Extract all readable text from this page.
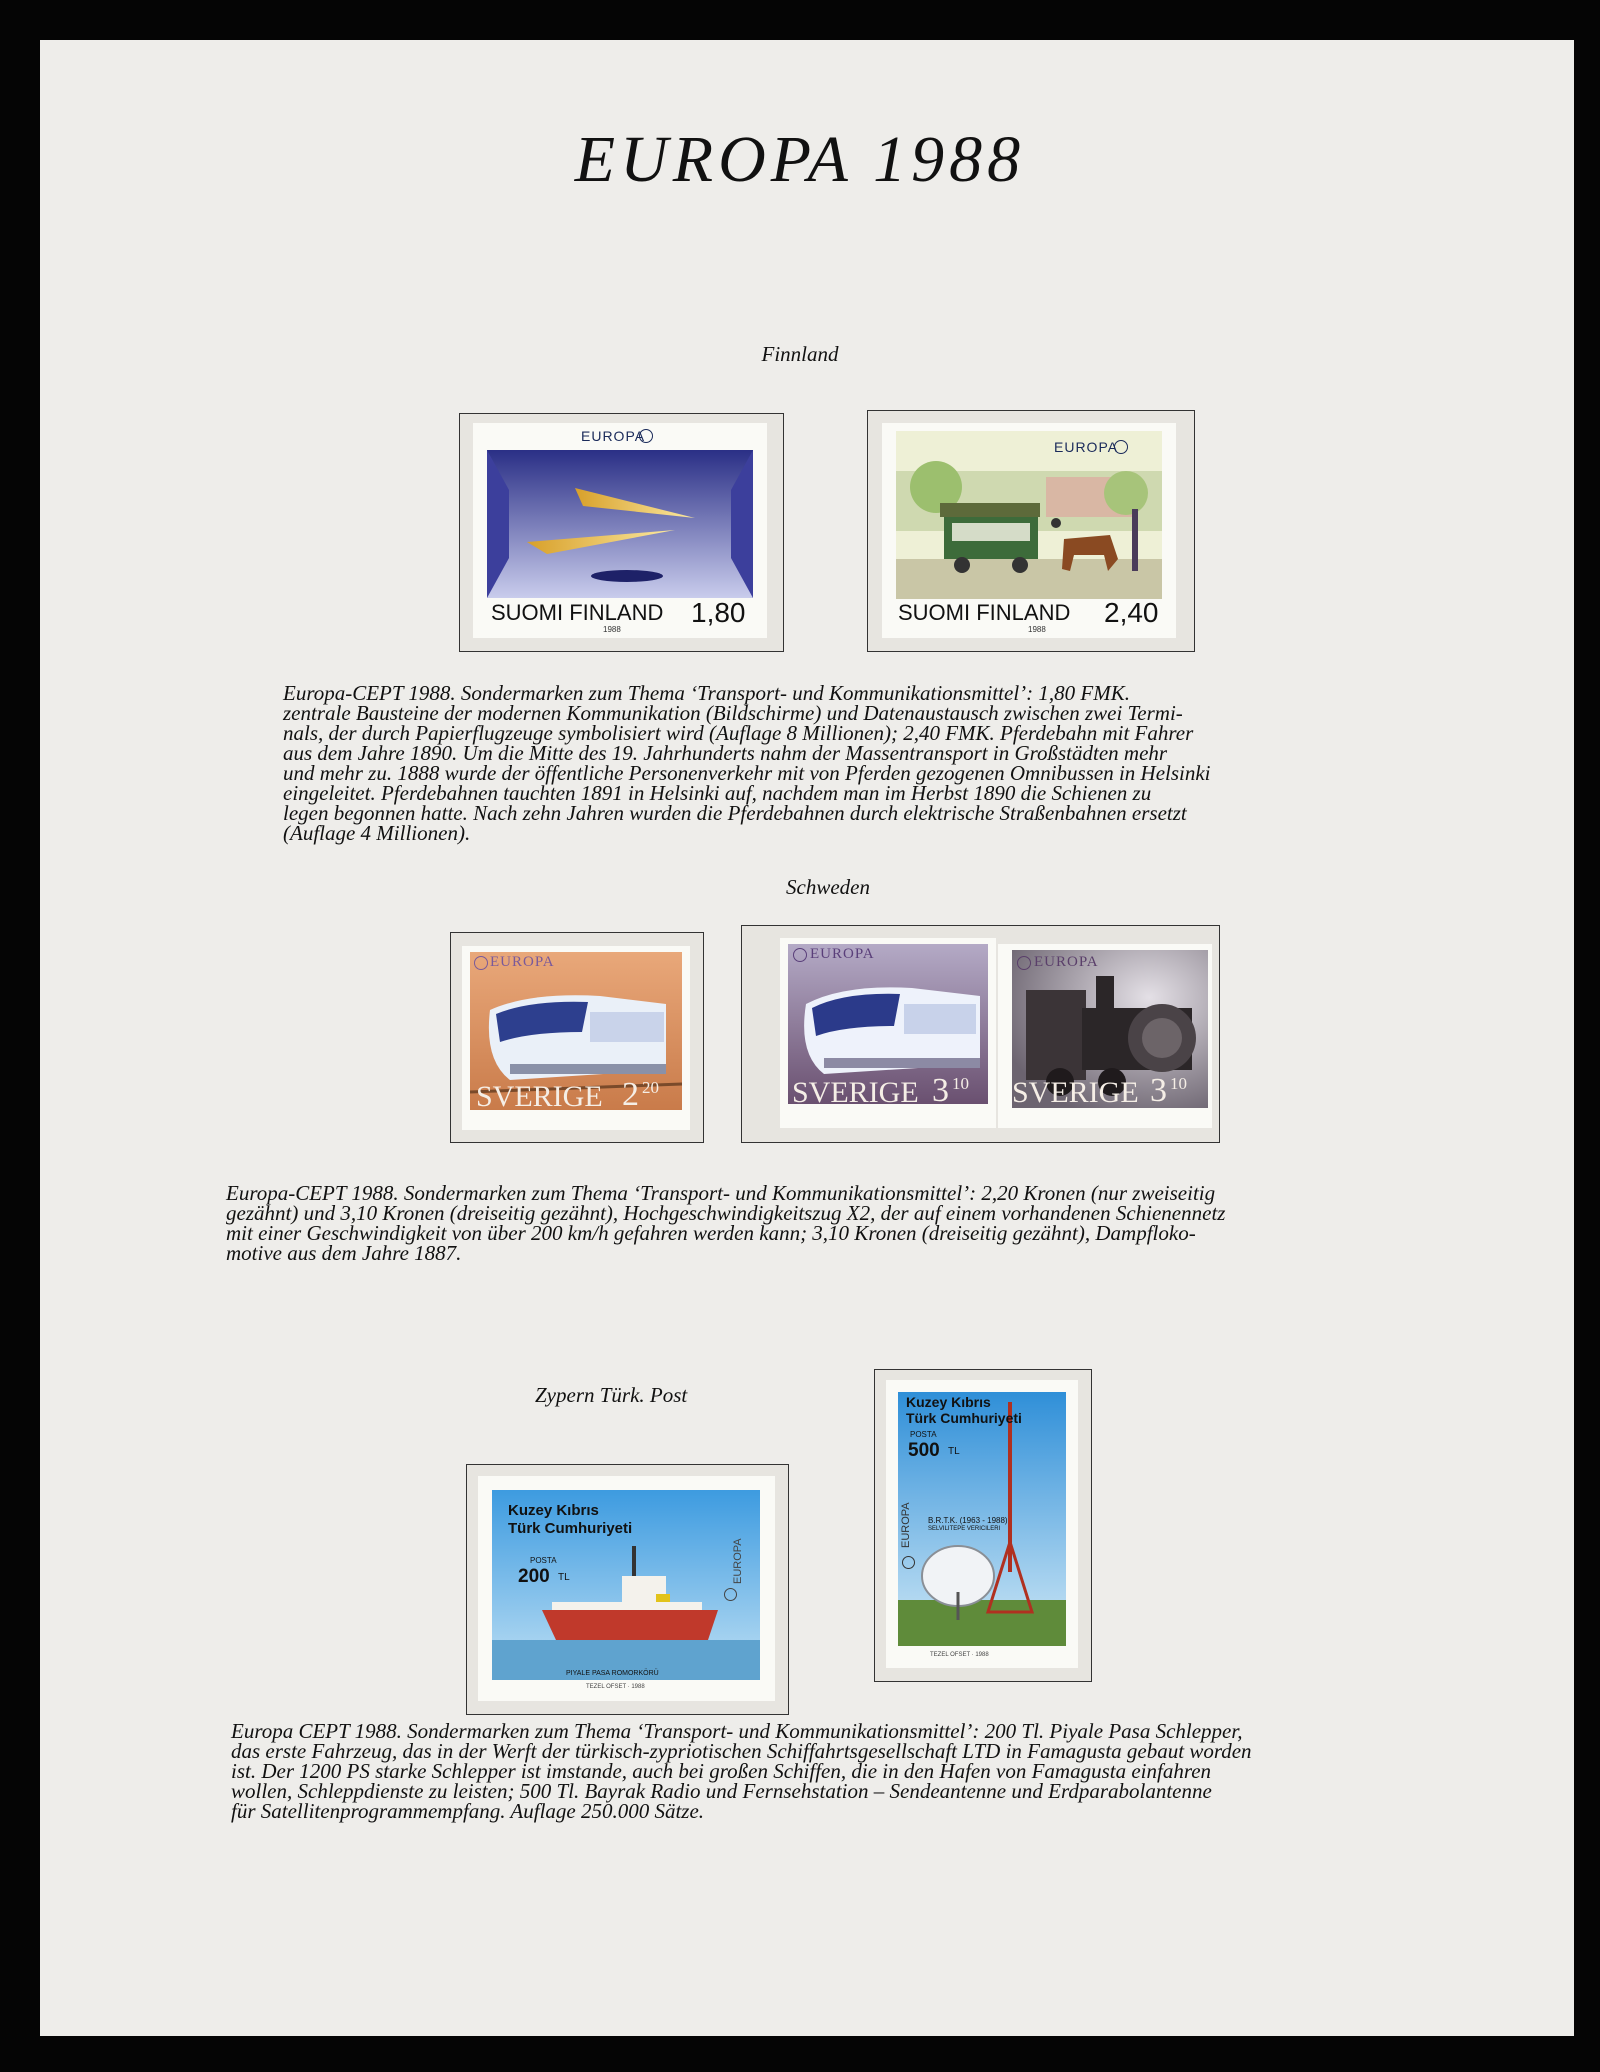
EUROPA 1988
Finnland
EUROPA
SUOMI FINLAND 1,80
1988
EUROPA
SUOMI FINLAND 2,40
1988
Europa-CEPT 1988. Sondermarken zum Thema ‘Transport- und Kommunikationsmittel’: 1,80 FMK.
zentrale Bausteine der modernen Kommunikation (Bildschirme) und Datenaustausch zwischen zwei Termi-
nals, der durch Papierflugzeuge symbolisiert wird (Auflage 8 Millionen); 2,40 FMK. Pferdebahn mit Fahrer
aus dem Jahre 1890. Um die Mitte des 19. Jahrhunderts nahm der Massentransport in Großstädten mehr
und mehr zu. 1888 wurde der öffentliche Personenverkehr mit von Pferden gezogenen Omnibussen in Helsinki
eingeleitet. Pferdebahnen tauchten 1891 in Helsinki auf, nachdem man im Herbst 1890 die Schienen zu
legen begonnen hatte. Nach zehn Jahren wurden die Pferdebahnen durch elektrische Straßenbahnen ersetzt
(Auflage 4 Millionen).
Schweden
EUROPA
SVERIGE 2 20
EUROPA
SVERIGE 3 10
EUROPA
SVERIGE 3 10
Europa-CEPT 1988. Sondermarken zum Thema ‘Transport- und Kommunikationsmittel’: 2,20 Kronen (nur zweiseitig
gezähnt) und 3,10 Kronen (dreiseitig gezähnt), Hochgeschwindigkeitszug X2, der auf einem vorhandenen Schienennetz
mit einer Geschwindigkeit von über 200 km/h gefahren werden kann; 3,10 Kronen (dreiseitig gezähnt), Dampflоko-
motive aus dem Jahre 1887.
Zypern Türk. Post
Kuzey Kıbrıs
Türk Cumhuriyeti
POSTA
200 TL	EUROPA
PIYALE PASA ROMORKÖRÜ
TEZEL OFSET · 1988
Kuzey Kıbrıs
Türk Cumhuriyeti
POSTA
500 TL
EUROPA B.R.T.K. (1963 - 1988)
SELVILITEPE VERICILERI
TEZEL OFSET · 1988
Europa CEPT 1988. Sondermarken zum Thema ‘Transport- und Kommunikationsmittel’: 200 Tl. Piyale Pasa Schlepper,
das erste Fahrzeug, das in der Werft der türkisch-zypriotischen Schiffahrtsgesellschaft LTD in Famagusta gebaut worden
ist. Der 1200 PS starke Schlepper ist imstande, auch bei großen Schiffen, die in den Hafen von Famagusta einfahren
wollen, Schleppdienste zu leisten; 500 Tl. Bayrak Radio und Fernsehstation – Sendeantenne und Erdparabolantenne
für Satellitenprogrammempfang. Auflage 250.000 Sätze.
